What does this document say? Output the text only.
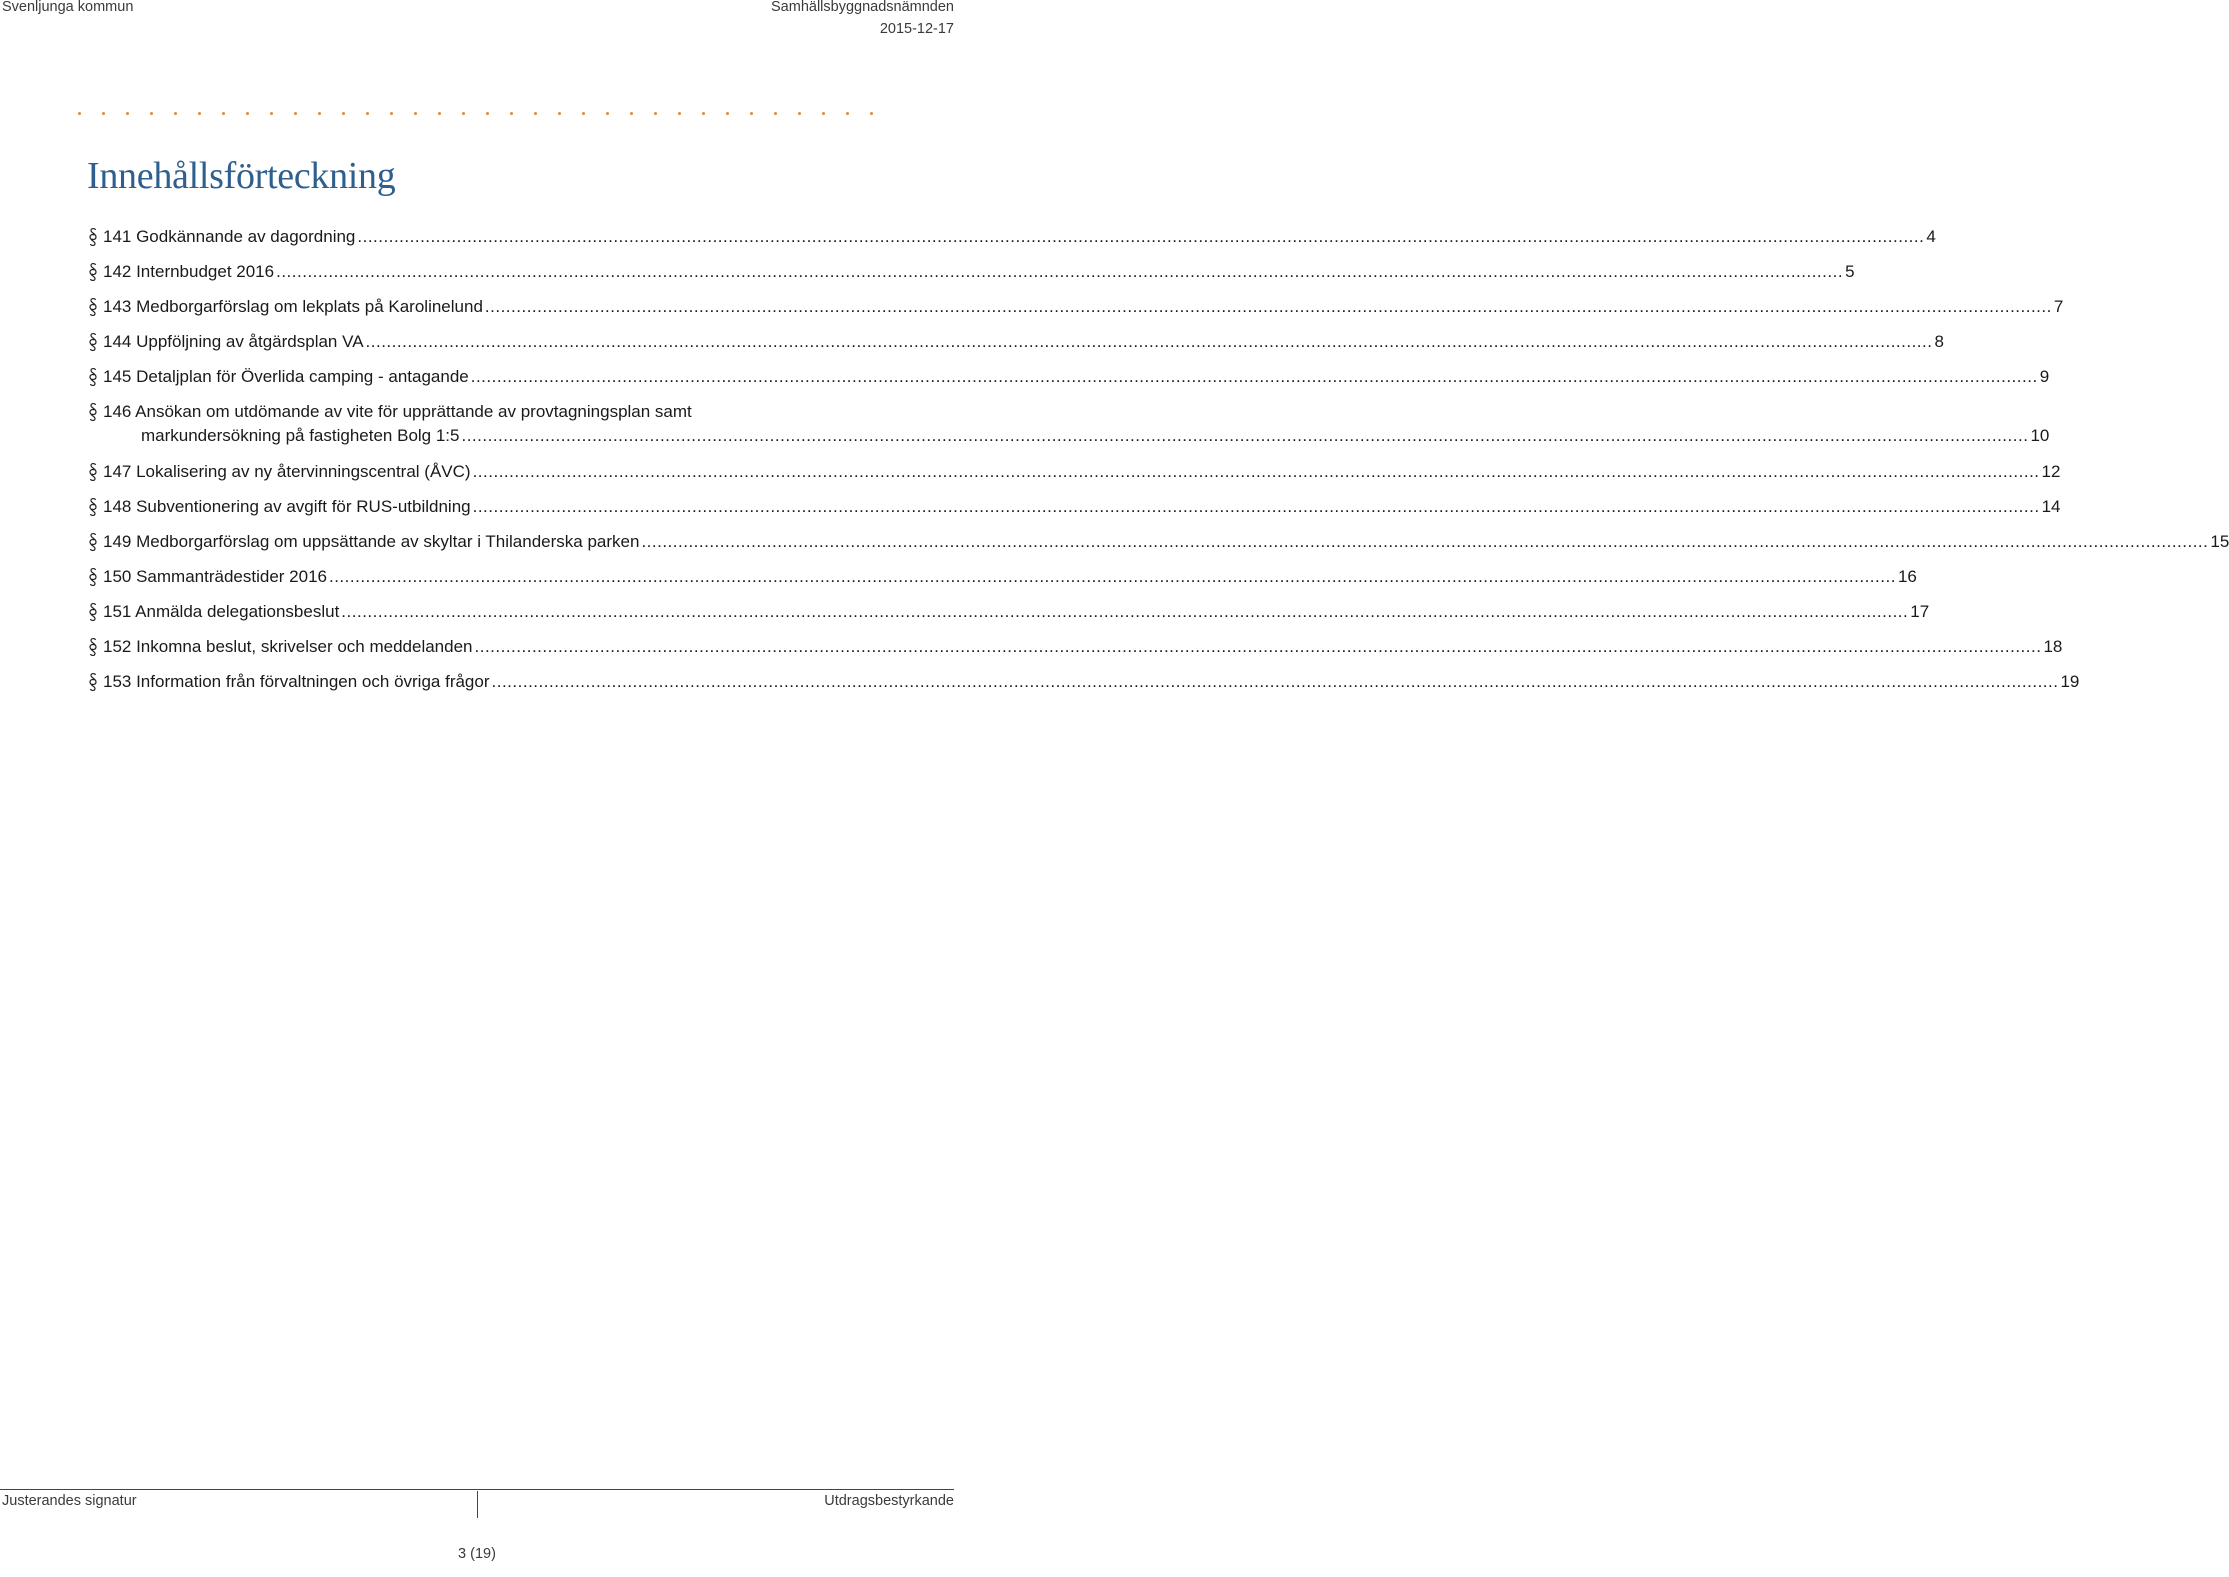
Svenljunga kommun	Samhällsbyggnadsnämnden
2015-12-17
Innehållsförteckning
141 Godkännande av dagordning ............................................................................................................................................................................................................................................................................................................ 4
142 Internbudget 2016 ............................................................................................................................................................................................................................................................................................................ 5
143 Medborgarförslag om lekplats på Karolinelund ............................................................................................................................................................................................................................................................................................................ 7
144 Uppföljning av åtgärdsplan VA ............................................................................................................................................................................................................................................................................................................ 8
145 Detaljplan för Överlida camping - antagande ............................................................................................................................................................................................................................................................................................................ 9
146 Ansökan om utdömande av vite för upprättande av provtagningsplan samt
markundersökning på fastigheten Bolg 1:5 ............................................................................................................................................................................................................................................................................................................ 10
147 Lokalisering av ny återvinningscentral (ÅVC) ............................................................................................................................................................................................................................................................................................................ 12
148 Subventionering av avgift för RUS-utbildning ............................................................................................................................................................................................................................................................................................................ 14
149 Medborgarförslag om uppsättande av skyltar i Thilanderska parken ............................................................................................................................................................................................................................................................................................................ 15
150 Sammanträdestider 2016 ............................................................................................................................................................................................................................................................................................................ 16
151 Anmälda delegationsbeslut ............................................................................................................................................................................................................................................................................................................ 17
152 Inkomna beslut, skrivelser och meddelanden ............................................................................................................................................................................................................................................................................................................ 18
153 Information från förvaltningen och övriga frågor ............................................................................................................................................................................................................................................................................................................ 19
Justerandes signatur	Utdragsbestyrkande
3 (19)
